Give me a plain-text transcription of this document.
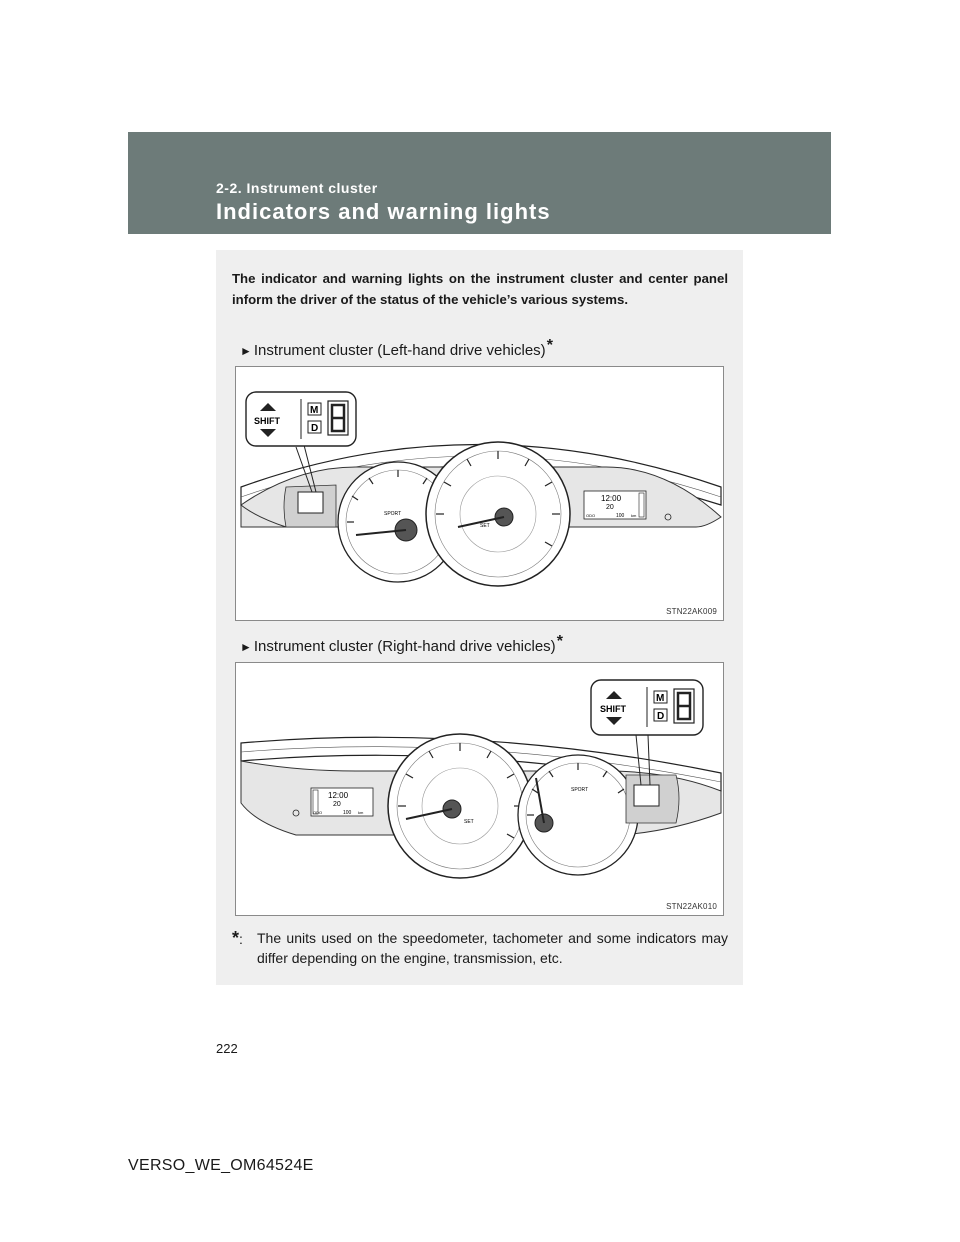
2-2. Instrument cluster
Indicators and warning lights

The indicator and warning lights on the instrument cluster and center panel inform the driver of the status of the vehicle’s various systems.

► Instrument cluster (Left-hand drive vehicles)*
SPORT
SET
12:00
20
ODO	100 km
SHIFT
M
D
STN22AK009
► Instrument cluster (Right-hand drive vehicles)*
12:00
20
ODO	100 km
SET
SPORT
SHIFT
M
D
STN22AK010
*:	The units used on the speedometer, tachometer and some indicators may differ depending on the engine, transmission, etc.
222
VERSO_WE_OM64524E
